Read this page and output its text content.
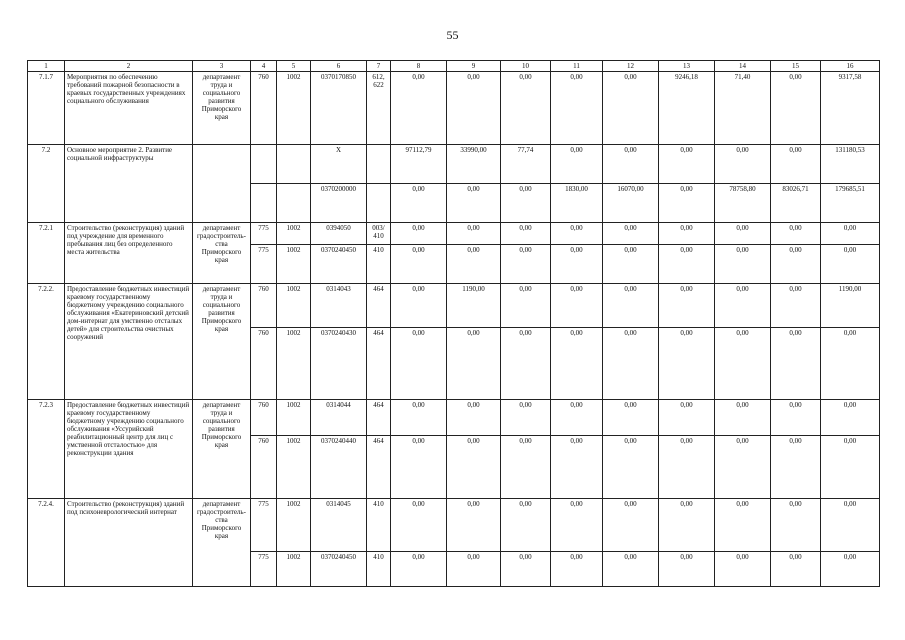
55
1	2	3	4	5	6	7	8	9	10	11	12	13	14	15	16
7.1.7	Мероприятия по обеспечению требований пожарной безопасности в краевых государственных учреждениях социального обслуживания	департамент труда и социального развития Приморского края	760	1002	0370170850	612, 622	0,00	0,00	0,00	0,00	0,00	9246,18	71,40	0,00	9317,58
7.2	Основное мероприятие 2. Развитие социальной инфраструктуры				X		97112,79	33990,00	77,74	0,00	0,00	0,00	0,00	0,00	131180,53
					0370200000		0,00	0,00	0,00	1830,00	16070,00	0,00	78758,80	83026,71	179685,51
7.2.1	Строительство (реконструкция) зданий под учреждение для временного пребывания лиц без определенного места жительства	департамент градостроитель-ства Приморского края	775	1002	0394050	003/ 410	0,00	0,00	0,00	0,00	0,00	0,00	0,00	0,00	0,00
			775	1002	0370240450	410	0,00	0,00	0,00	0,00	0,00	0,00	0,00	0,00	0,00
7.2.2.	Предоставление бюджетных инвестиций краевому государственному бюджетному учреждению социального обслуживания «Екатериновский детский дом-интернат для умственно отсталых детей» для строительства очистных сооружений	департамент труда и социального развития Приморского края	760	1002	0314043	464	0,00	1190,00	0,00	0,00	0,00	0,00	0,00	0,00	1190,00
			760	1002	0370240430	464	0,00	0,00	0,00	0,00	0,00	0,00	0,00	0,00	0,00
7.2.3	Предоставление бюджетных инвестиций краевому государственному бюджетному учреждению социального обслуживания «Уссурийский реабилитационный центр для лиц с умственной отсталостью» для реконструкции здания	департамент труда и социального развития Приморского края	760	1002	0314044	464	0,00	0,00	0,00	0,00	0,00	0,00	0,00	0,00	0,00
			760	1002	0370240440	464	0,00	0,00	0,00	0,00	0,00	0,00	0,00	0,00	0,00
7.2.4.	Строительство (реконструкция) зданий под психоневрологический интернат	департамент градостроитель-ства Приморского края	775	1002	0314045	410	0,00	0,00	0,00	0,00	0,00	0,00	0,00	0,00	0,00
			775	1002	0370240450	410	0,00	0,00	0,00	0,00	0,00	0,00	0,00	0,00	0,00
